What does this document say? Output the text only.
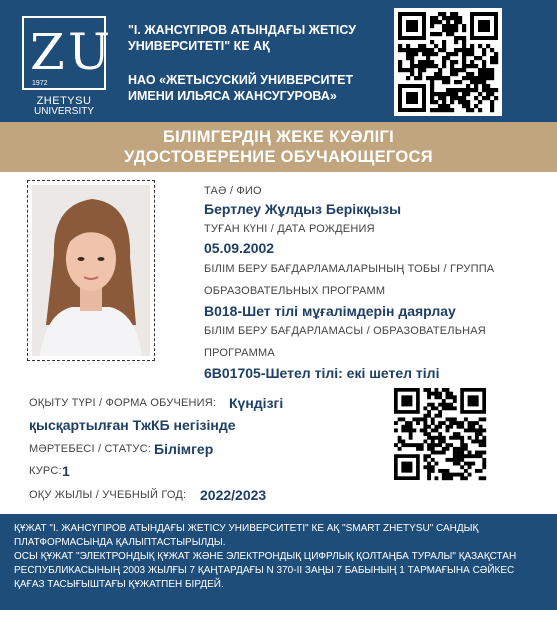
Z U
1972
ZHETYSU
UNIVERSITY
"І. ЖАНСҮГІРОВ АТЫНДАҒЫ ЖЕТІСУ УНИВЕРСИТЕТІ" КЕ АҚ
НАО «ЖЕТЫСУСКИЙ УНИВЕРСИТЕТ ИМЕНИ ИЛЬЯСА ЖАНСУГУРОВА»
БІЛІМГЕРДІҢ ЖЕКЕ КУӘЛІГІ
УДОСТОВЕРЕНИЕ ОБУЧАЮЩЕГОСЯ
ТАӘ / ФИО
Бертлеу Жұлдыз Берікқызы
ТУҒАН КҮНІ / ДАТА РОЖДЕНИЯ
05.09.2002
БІЛІМ БЕРУ БАҒДАРЛАМАЛАРЫНЫҢ ТОБЫ / ГРУППА
ОБРАЗОВАТЕЛЬНЫХ ПРОГРАММ
В018-Шет тілі мұғалімдерін даярлау
БІЛІМ БЕРУ БАҒДАРЛАМАСЫ / ОБРАЗОВАТЕЛЬНАЯ
ПРОГРАММА
6В01705-Шетел тілі: екі шетел тілі
ОҚЫТУ ТҮРІ / ФОРМА ОБУЧЕНИЯ: Күндізгі
қысқартылған ТжКБ негізінде
МӘРТЕБЕСІ / СТАТУС: Білімгер
КУРС: 1
ОҚУ ЖЫЛЫ / УЧЕБНЫЙ ГОД: 2022/2023

ҚҰЖАТ "І. ЖАНСҮГІРОВ АТЫНДАҒЫ ЖЕТІСУ УНИВЕРСИТЕТІ" КЕ АҚ "SMART ZHETYSU" САНДЫҚ

ПЛАТФОРМАСЫНДА ҚАЛЫПТАСТЫРЫЛДЫ.

ОСЫ ҚҰЖАТ "ЭЛЕКТРОНДЫҚ ҚҰЖАТ ЖӘНЕ ЭЛЕКТРОНДЫҚ ЦИФРЛЫҚ ҚОЛТАҢБА ТУРАЛЫ" ҚАЗАҚСТАН

РЕСПУБЛИКАСЫНЫҢ 2003 ЖЫЛҒЫ 7 ҚАҢТАРДАҒЫ N 370-II ЗАҢЫ 7 БАБЫНЫҢ 1 ТАРМАҒЫНА СӘЙКЕС

ҚАҒАЗ ТАСЫҒЫШТАҒЫ ҚҰЖАТПЕН БІРДЕЙ.
